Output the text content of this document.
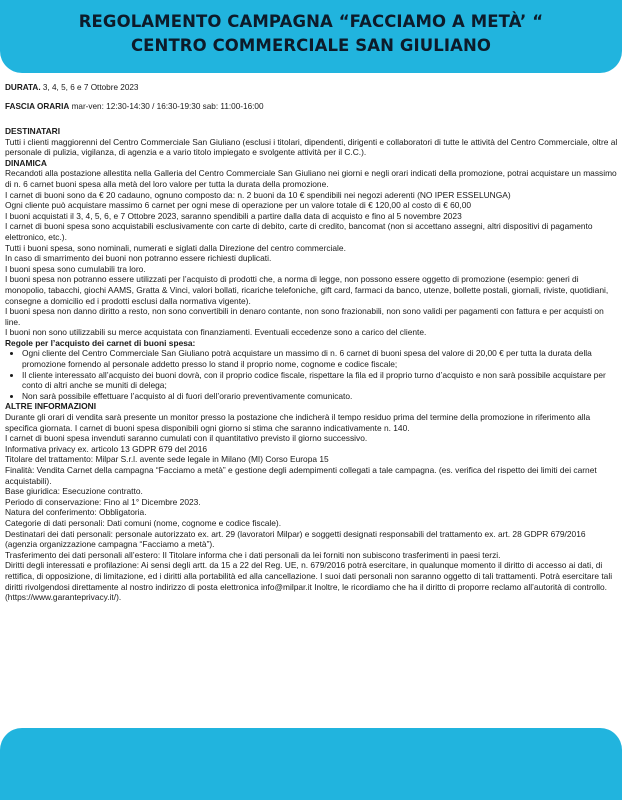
REGOLAMENTO CAMPAGNA “FACCIAMO A METÀ’ “
CENTRO COMMERCIALE SAN GIULIANO
DURATA. 3, 4, 5, 6 e 7 Ottobre 2023
FASCIA ORARIA mar-ven: 12:30-14:30 / 16:30-19:30 sab: 11:00-16:00

DESTINATARI

Tutti i clienti maggiorenni del Centro Commerciale San Giuliano (esclusi i titolari, dipendenti, dirigenti e collaboratori di tutte le attività del Centro Commerciale, oltre al personale di pulizia, vigilanza, di agenzia e a vario titolo impiegato e svolgente attività per il C.C.).

DINAMICA

Recandoti alla postazione allestita nella Galleria del Centro Commerciale San Giuliano nei giorni e negli orari indicati della promozione, potrai acquistare un massimo di n. 6 carnet buoni spesa alla metà del loro valore per tutta la durata della promozione.

I carnet di buoni sono da € 20 cadauno, ognuno composto da: n. 2 buoni da 10 € spendibili nei negozi aderenti (NO IPER ESSELUNGA)

Ogni cliente può acquistare massimo 6 carnet per ogni mese di operazione per un valore totale di € 120,00 al costo di € 60,00

I buoni acquistati il 3, 4, 5, 6, e 7 Ottobre 2023, saranno spendibili a partire dalla data di acquisto e fino al 5 novembre 2023

I carnet di buoni spesa sono acquistabili esclusivamente con carte di debito, carte di credito, bancomat (non si accettano assegni, altri dispositivi di pagamento elettronico, etc.).

Tutti i buoni spesa, sono nominali, numerati e siglati dalla Direzione del centro commerciale.

In caso di smarrimento dei buoni non potranno essere richiesti duplicati.

I buoni spesa sono cumulabili tra loro.

I buoni spesa non potranno essere utilizzati per l’acquisto di prodotti che, a norma di legge, non possono essere oggetto di promozione (esempio: generi di monopolio, tabacchi, giochi AAMS, Gratta & Vinci, valori bollati, ricariche telefoniche, gift card, farmaci da banco, utenze, bollette postali, giornali, riviste, quotidiani, consegne a domicilio ed i prodotti esclusi dalla normativa vigente).

I buoni spesa non danno diritto a resto, non sono convertibili in denaro contante, non sono frazionabili, non sono validi per pagamenti con fattura e per acquisti on line.

I buoni non sono utilizzabili su merce acquistata con finanziamenti. Eventuali eccedenze sono a carico del cliente.

Regole per l’acquisto dei carnet di buoni spesa:

• Ogni cliente del Centro Commerciale San Giuliano potrà acquistare un massimo di n. 6 carnet di buoni spesa del valore di 20,00 € per tutta la durata della promozione fornendo al personale addetto presso lo stand il proprio nome, cognome e codice fiscale;
• Il cliente interessato all’acquisto dei buoni dovrà, con il proprio codice fiscale, rispettare la fila ed il proprio turno d’acquisto e non sarà possibile acquistare per conto di altri anche se muniti di delega;
• Non sarà possibile effettuare l’acquisto al di fuori dell’orario preventivamente comunicato.

ALTRE INFORMAZIONI

Durante gli orari di vendita sarà presente un monitor presso la postazione che indicherà il tempo residuo prima del termine della promozione in riferimento alla specifica giornata. I carnet di buoni spesa disponibili ogni giorno si stima che saranno indicativamente n. 140.

I carnet di buoni spesa invenduti saranno cumulati con il quantitativo previsto il giorno successivo.

Informativa privacy ex. articolo 13 GDPR 679 del 2016

Titolare del trattamento: Milpar S.r.l. avente sede legale in Milano (MI) Corso Europa 15

Finalità: Vendita Carnet della campagna “Facciamo a metà” e gestione degli adempimenti collegati a tale campagna. (es. verifica del rispetto dei limiti dei carnet acquistabili).

Base giuridica: Esecuzione contratto.

Periodo di conservazione: Fino al 1° Dicembre 2023.

Natura del conferimento: Obbligatoria.

Categorie di dati personali: Dati comuni (nome, cognome e codice fiscale).

Destinatari dei dati personali: personale autorizzato ex. art. 29 (lavoratori Milpar) e soggetti designati responsabili del trattamento ex. art. 28 GDPR 679/2016 (agenzia organizzazione campagna “Facciamo a metà”).

Trasferimento dei dati personali all’estero: Il Titolare informa che i dati personali da lei forniti non subiscono trasferimenti in paesi terzi.

Diritti degli interessati e profilazione: Ai sensi degli artt. da 15 a 22 del Reg. UE, n. 679/2016 potrà esercitare, in qualunque momento il diritto di accesso ai dati, di rettifica, di opposizione, di limitazione, ed i diritti alla portabilità ed alla cancellazione. I suoi dati personali non saranno oggetto di tali trattamenti. Potrà esercitare tali diritti rivolgendosi direttamente al nostro indirizzo di posta elettronica info@milpar.it Inoltre, le ricordiamo che ha il diritto di proporre reclamo all’autorità di controllo. (https://www.garanteprivacy.it/).
